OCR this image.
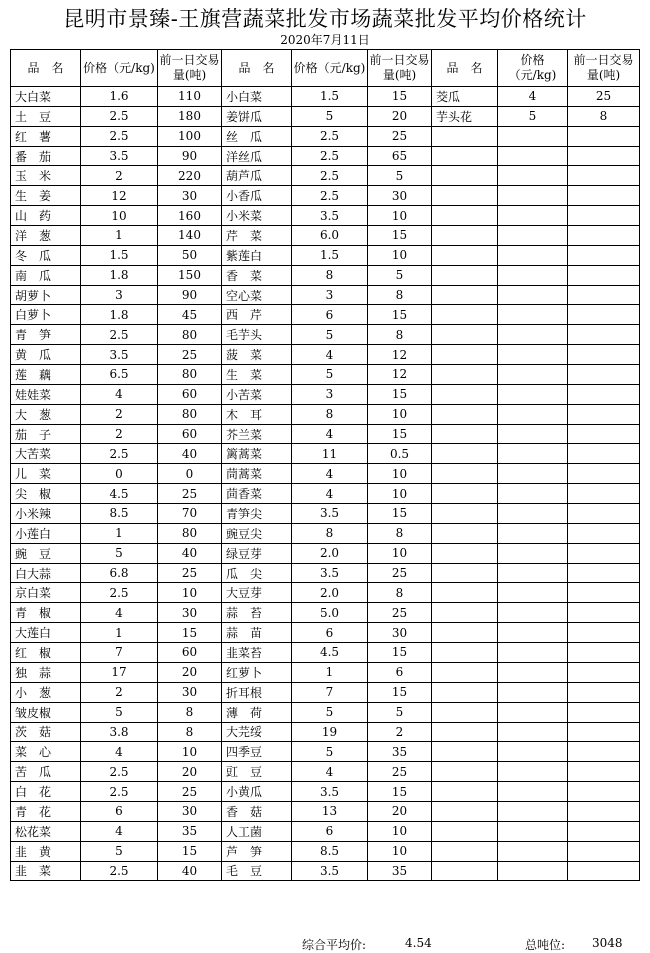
昆明市景臻-王旗营蔬菜批发市场蔬菜批发平均价格统计
2020年7月11日
品　名	价格（元/kg)	前一日交易量(吨)	品　名	价格（元/kg)	前一日交易量(吨)	品　名	价格（元/kg)	前一日交易量(吨)
大白菜	1.6	110	小白菜	1.5	15	茭瓜	4	25
土　豆	2.5	180	姜饼瓜	5	20	芋头花	5	8
红　薯	2.5	100	丝　瓜	2.5	25			
番　茄	3.5	90	洋丝瓜	2.5	65			
玉　米	2	220	葫芦瓜	2.5	5			
生　姜	12	30	小香瓜	2.5	30			
山　药	10	160	小米菜	3.5	10			
洋　葱	1	140	芹　菜	6.0	15			
冬　瓜	1.5	50	紫莲白	1.5	10			
南　瓜	1.8	150	香　菜	8	5			
胡萝卜	3	90	空心菜	3	8			
白萝卜	1.8	45	西　芹	6	15			
青　笋	2.5	80	毛芋头	5	8			
黄　瓜	3.5	25	菠　菜	4	12			
莲　藕	6.5	80	生　菜	5	12			
娃娃菜	4	60	小苦菜	3	15			
大　葱	2	80	木　耳	8	10			
茄　子	2	60	芥兰菜	4	15			
大苦菜	2.5	40	篱蒿菜	11	0.5			
儿　菜	0	0	茼蒿菜	4	10			
尖　椒	4.5	25	茴香菜	4	10			
小米辣	8.5	70	青笋尖	3.5	15			
小莲白	1	80	豌豆尖	8	8			
豌　豆	5	40	绿豆芽	2.0	10			
白大蒜	6.8	25	瓜　尖	3.5	25			
京白菜	2.5	10	大豆芽	2.0	8			
青　椒	4	30	蒜　苔	5.0	25			
大莲白	1	15	蒜　苗	6	30			
红　椒	7	60	韭菜苔	4.5	15			
独　蒜	17	20	红萝卜	1	6			
小　葱	2	30	折耳根	7	15			
皱皮椒	5	8	薄　荷	5	5			
茨　菇	3.8	8	大芫绥	19	2			
菜　心	4	10	四季豆	5	35			
苦　瓜	2.5	20	豇　豆	4	25			
白　花	2.5	25	小黄瓜	3.5	15			
青　花	6	30	香　菇	13	20			
松花菜	4	35	人工菌	6	10			
韭　黄	5	15	芦　笋	8.5	10			
韭　菜	2.5	40	毛　豆	3.5	35			
综合平均价:	4.54	总吨位: 3048
